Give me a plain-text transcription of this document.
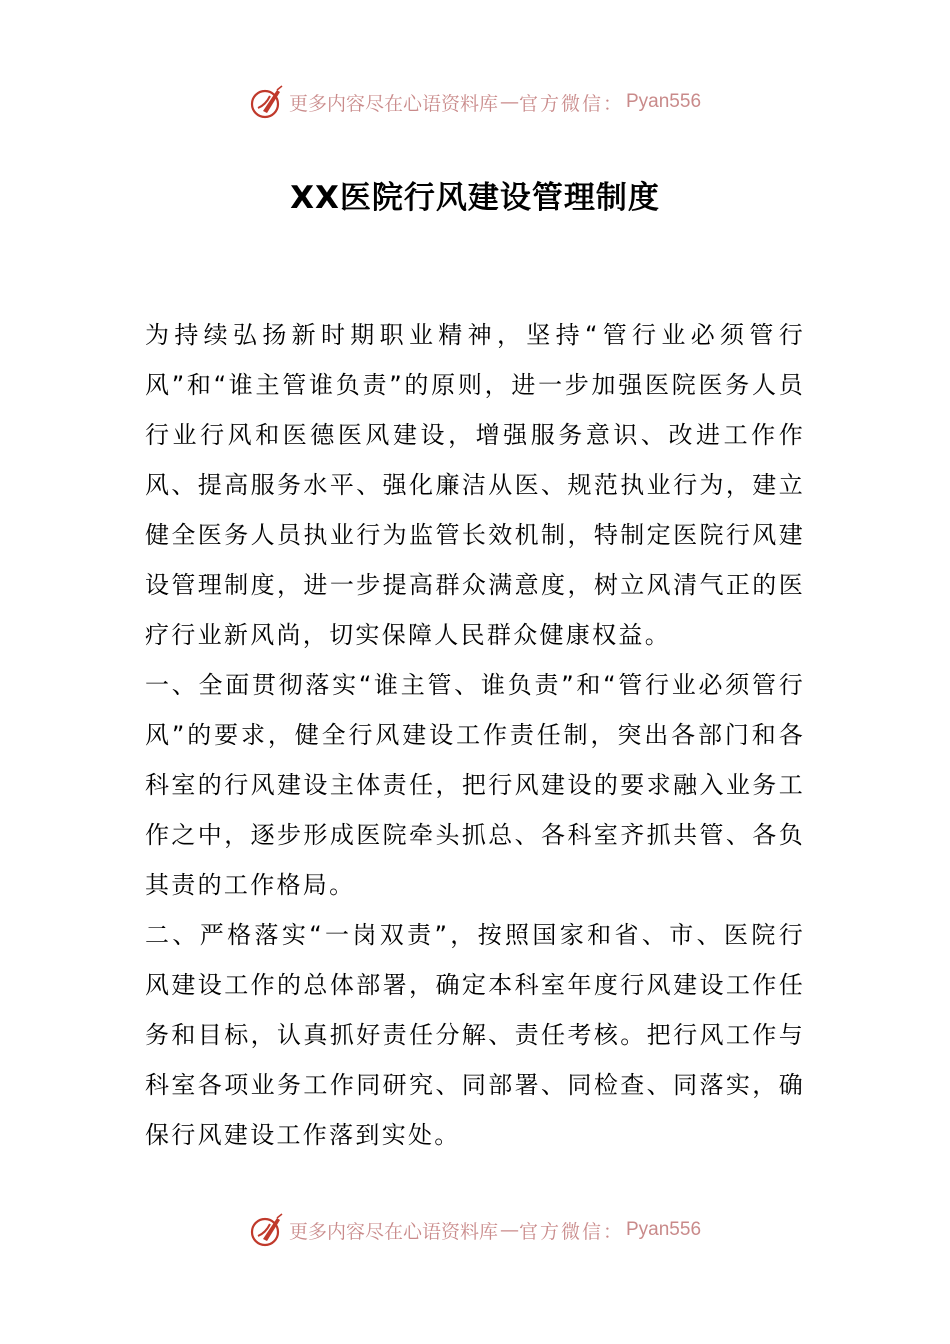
更多内容尽在心语资料库 — 官方微信： Pyan556
XX医院行风建设管理制度

为持续弘扬新时期职业精神，坚持“管行业必须管行风”和“谁主管谁负责”的原则，进一步加强医院医务人员行业行风和医德医风建设，增强服务意识、改进工作作风、提高服务水平、强化廉洁从医、规范执业行为，建立健全医务人员执业行为监管长效机制，特制定医院行风建设管理制度，进一步提高群众满意度，树立风清气正的医疗行业新风尚，切实保障人民群众健康权益。

一、全面贯彻落实“谁主管、谁负责”和“管行业必须管行风”的要求，健全行风建设工作责任制，突出各部门和各科室的行风建设主体责任，把行风建设的要求融入业务工作之中，逐步形成医院牵头抓总、各科室齐抓共管、各负其责的工作格局。

二、严格落实“一岗双责”，按照国家和省、市、医院行风建设工作的总体部署，确定本科室年度行风建设工作任务和目标，认真抓好责任分解、责任考核。把行风工作与科室各项业务工作同研究、同部署、同检查、同落实，确保行风建设工作落到实处。

更多内容尽在心语资料库 — 官方微信： Pyan556
